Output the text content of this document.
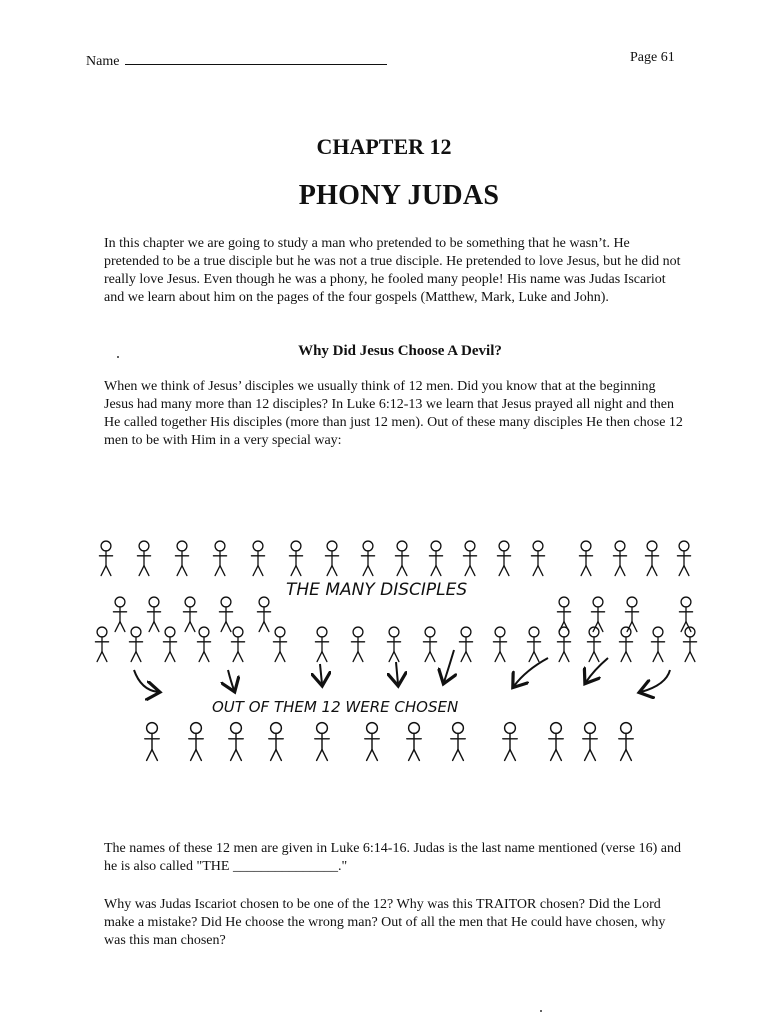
Name	Page 61
CHAPTER 12
PHONY JUDAS
In this chapter we are going to study a man who pretended to be something that he wasn’t. He pretended to be a true disciple but he was not a true disciple. He pretended to love Jesus, but he did not really love Jesus. Even though he was a phony, he fooled many people! His name was Judas Iscariot and we learn about him on the pages of the four gospels (Matthew, Mark, Luke and John).
Why Did Jesus Choose A Devil?
When we think of Jesus’ disciples we usually think of 12 men. Did you know that at the beginning Jesus had many more than 12 disciples? In Luke 6:12-13 we learn that Jesus prayed all night and then He called together His disciples (more than just 12 men). Out of these many disciples He then chose 12 men to be with Him in a very special way:
THE MANY DISCIPLES
OUT OF THEM 12 WERE CHOSEN
The names of these 12 men are given in Luke 6:14-16. Judas is the last name mentioned (verse 16) and he is also called "THE _______________."
Why was Judas Iscariot chosen to be one of the 12? Why was this TRAITOR chosen? Did the Lord make a mistake? Did He choose the wrong man? Out of all the men that He could have chosen, why was this man chosen?
